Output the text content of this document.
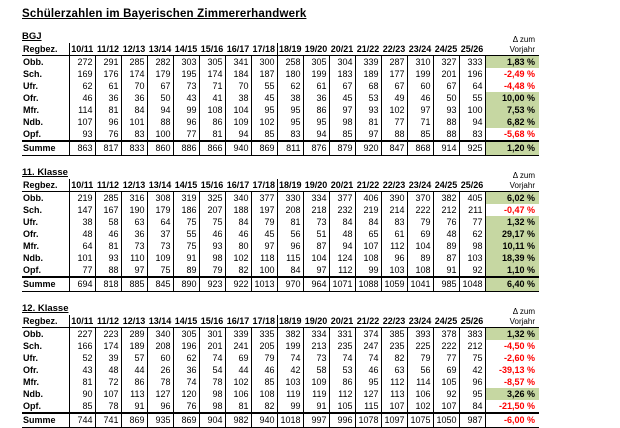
Schülerzahlen im Bayerischen Zimmererhandwerk
BGJ
Regbez.	10/11	11/12	12/13	13/14	14/15	15/16	16/17	17/18	18/19	19/20	20/21	21/22	22/23	23/24	24/25	25/26	Δ zum
Vorjahr

Obb.	272	291	285	282	303	305	341	300	258	305	304	339	287	310	327	333	1,83 %
Sch.	169	176	174	179	195	174	184	187	180	199	183	189	177	199	201	196	-2,49 %
Ufr.	62	61	70	67	73	71	70	55	62	61	67	68	67	60	67	64	-4,48 %
Ofr.	46	36	36	50	43	41	38	45	38	36	45	53	49	46	50	55	10,00 %
Mfr.	114	81	84	94	99	108	104	95	95	86	97	93	102	97	93	100	7,53 %
Ndb.	107	96	101	88	96	86	109	102	95	95	98	81	77	71	88	94	6,82 %
Opf.	93	76	83	100	77	81	94	85	83	94	85	97	88	85	88	83	-5,68 %
Summe	863	817	833	860	886	866	940	869	811	876	879	920	847	868	914	925	1,20 %
11. Klasse
Regbez.	10/11	11/12	12/13	13/14	14/15	15/16	16/17	17/18	18/19	19/20	20/21	21/22	22/23	23/24	24/25	25/26	Δ zum
Vorjahr

Obb.	219	285	316	308	319	325	340	377	330	334	377	406	390	370	382	405	6,02 %
Sch.	147	167	190	179	186	207	188	197	208	218	232	219	214	222	212	211	-0,47 %
Ufr.	38	58	63	64	75	75	84	79	81	73	84	84	83	79	76	77	1,32 %
Ofr.	48	46	36	37	55	46	46	45	56	51	48	65	61	69	48	62	29,17 %
Mfr.	64	81	73	73	75	93	80	97	96	87	94	107	112	104	89	98	10,11 %
Ndb.	101	93	110	109	91	98	102	118	115	104	124	108	96	89	87	103	18,39 %
Opf.	77	88	97	75	89	79	82	100	84	97	112	99	103	108	91	92	1,10 %
Summe	694	818	885	845	890	923	922	1013	970	964	1071	1088	1059	1041	985	1048	6,40 %
12. Klasse
Regbez.	10/11	11/12	12/13	13/14	14/15	15/16	16/17	17/18	18/19	19/20	20/21	21/22	22/23	23/24	24/25	25/26	Δ zum
Vorjahr

Obb.	227	223	289	340	305	301	339	335	382	334	331	374	385	393	378	383	1,32 %
Sch.	166	174	189	208	196	201	241	205	199	213	235	247	235	225	222	212	-4,50 %
Ufr.	52	39	57	60	62	74	69	79	74	73	74	74	82	79	77	75	-2,60 %
Ofr.	43	48	44	26	36	54	44	46	42	58	53	46	63	56	69	42	-39,13 %
Mfr.	81	72	86	78	74	78	102	85	103	109	86	95	112	114	105	96	-8,57 %
Ndb.	90	107	113	127	120	98	106	108	119	119	112	127	113	106	92	95	3,26 %
Opf.	85	78	91	96	76	98	81	82	99	91	105	115	107	102	107	84	-21,50 %
Summe	744	741	869	935	869	904	982	940	1018	997	996	1078	1097	1075	1050	987	-6,00 %
